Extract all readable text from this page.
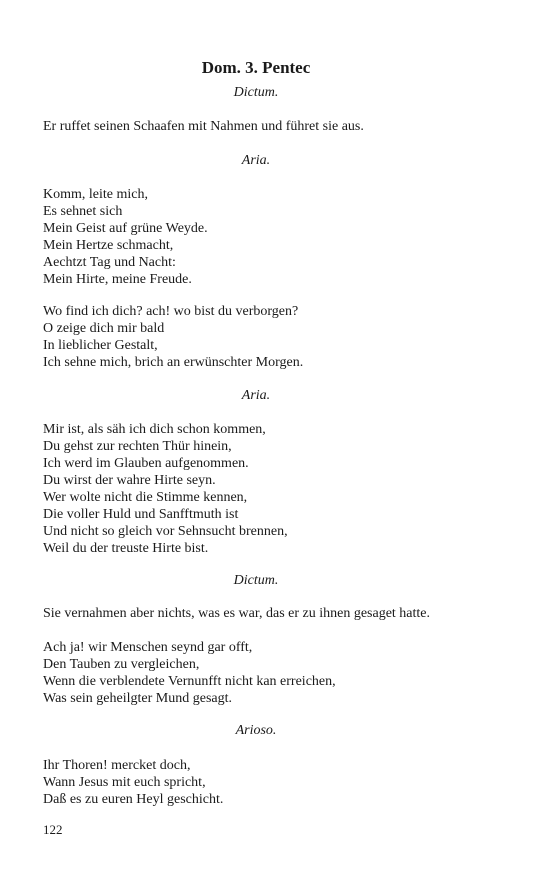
Dom. 3. Pentec
Dictum.
Er ruffet seinen Schaafen mit Nahmen und führet sie aus.
Aria.
Komm, leite mich,
Es sehnet sich
Mein Geist auf grüne Weyde.
Mein Hertze schmacht,
Aechtzt Tag und Nacht:
Mein Hirte, meine Freude.
Wo find ich dich? ach! wo bist du verborgen?
O zeige dich mir bald
In lieblicher Gestalt,
Ich sehne mich, brich an erwünschter Morgen.
Aria.
Mir ist, als säh ich dich schon kommen,
Du gehst zur rechten Thür hinein,
Ich werd im Glauben aufgenommen.
Du wirst der wahre Hirte seyn.
Wer wolte nicht die Stimme kennen,
Die voller Huld und Sanfftmuth ist
Und nicht so gleich vor Sehnsucht brennen,
Weil du der treuste Hirte bist.
Dictum.
Sie vernahmen aber nichts, was es war, das er zu ihnen gesaget hatte.
Ach ja! wir Menschen seynd gar offt,
Den Tauben zu vergleichen,
Wenn die verblendete Vernunfft nicht kan erreichen,
Was sein geheilgter Mund gesagt.
Arioso.
Ihr Thoren! mercket doch,
Wann Jesus mit euch spricht,
Daß es zu euren Heyl geschicht.
122
